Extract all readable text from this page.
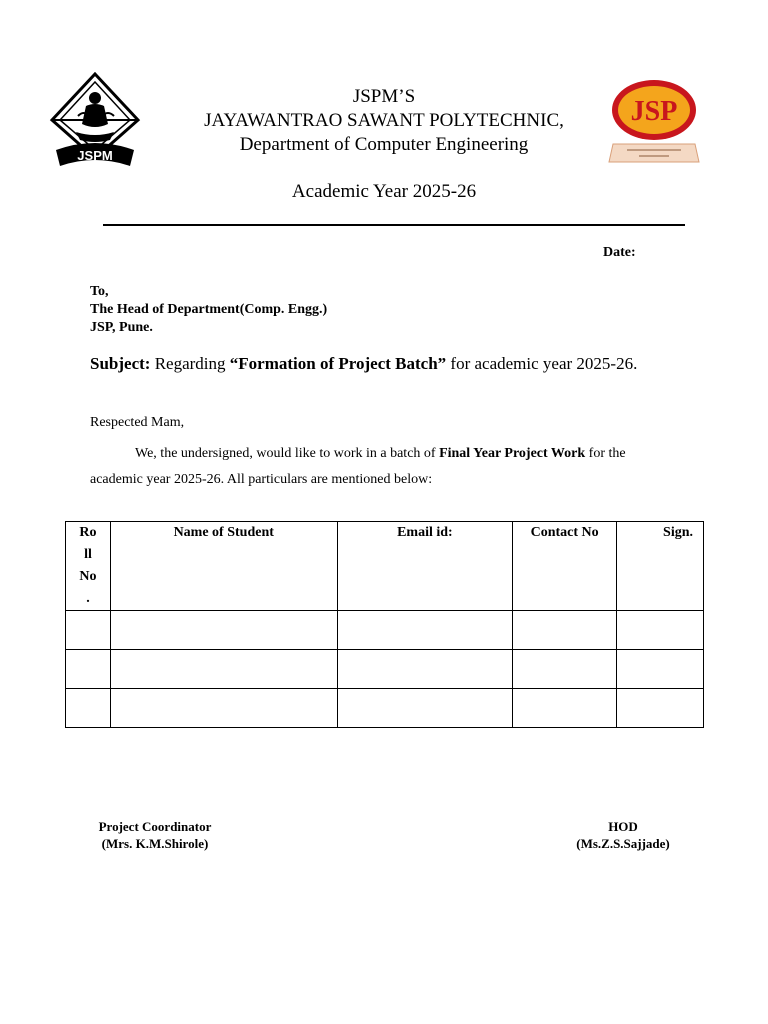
JSPM
JSP
JSPM’S
JAYAWANTRAO SAWANT POLYTECHNIC,
Department of Computer Engineering
Academic Year 2025-26
Date:
To,
The Head of Department(Comp. Engg.)
JSP, Pune.
Subject: Regarding “Formation of Project Batch” for academic year 2025-26.
Respected Mam,
We, the undersigned, would like to work in a batch of Final Year Project Work for the
academic year 2025-26. All particulars are mentioned below:
Ro
ll
No
.	Name of Student	Email id:	Contact No	Sign.

Project Coordinator
(Mrs. K.M.Shirole)
HOD
(Ms.Z.S.Sajjade)
